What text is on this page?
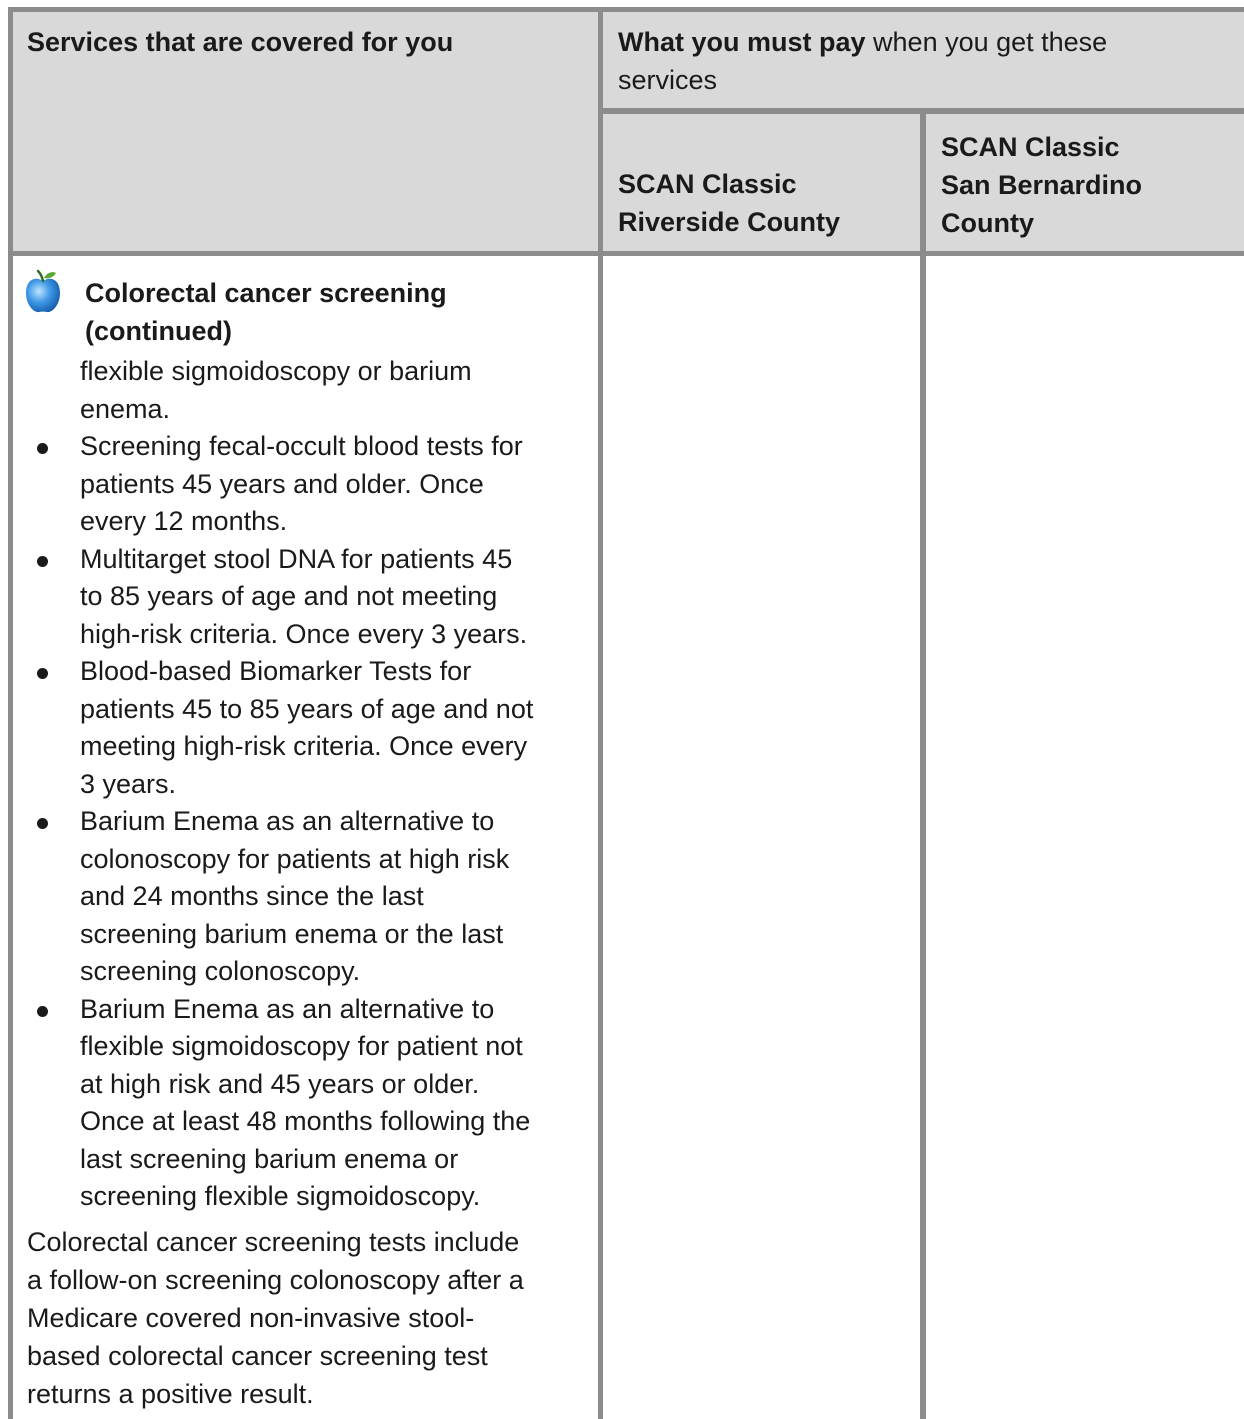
Services that are covered for you	What you must pay when you get these
services
SCAN Classic
Riverside County
SCAN Classic
San Bernardino
County
Colorectal cancer screening
(continued)
flexible sigmoidoscopy or barium
enema.
Screening fecal-occult blood tests for
patients 45 years and older. Once
every 12 months.
Multitarget stool DNA for patients 45
to 85 years of age and not meeting
high-risk criteria. Once every 3 years.
Blood-based Biomarker Tests for
patients 45 to 85 years of age and not
meeting high-risk criteria. Once every
3 years.
Barium Enema as an alternative to
colonoscopy for patients at high risk
and 24 months since the last
screening barium enema or the last
screening colonoscopy.
Barium Enema as an alternative to
flexible sigmoidoscopy for patient not
at high risk and 45 years or older.
Once at least 48 months following the
last screening barium enema or
screening flexible sigmoidoscopy.
Colorectal cancer screening tests include
a follow-on screening colonoscopy after a
Medicare covered non-invasive stool-
based colorectal cancer screening test
returns a positive result.
